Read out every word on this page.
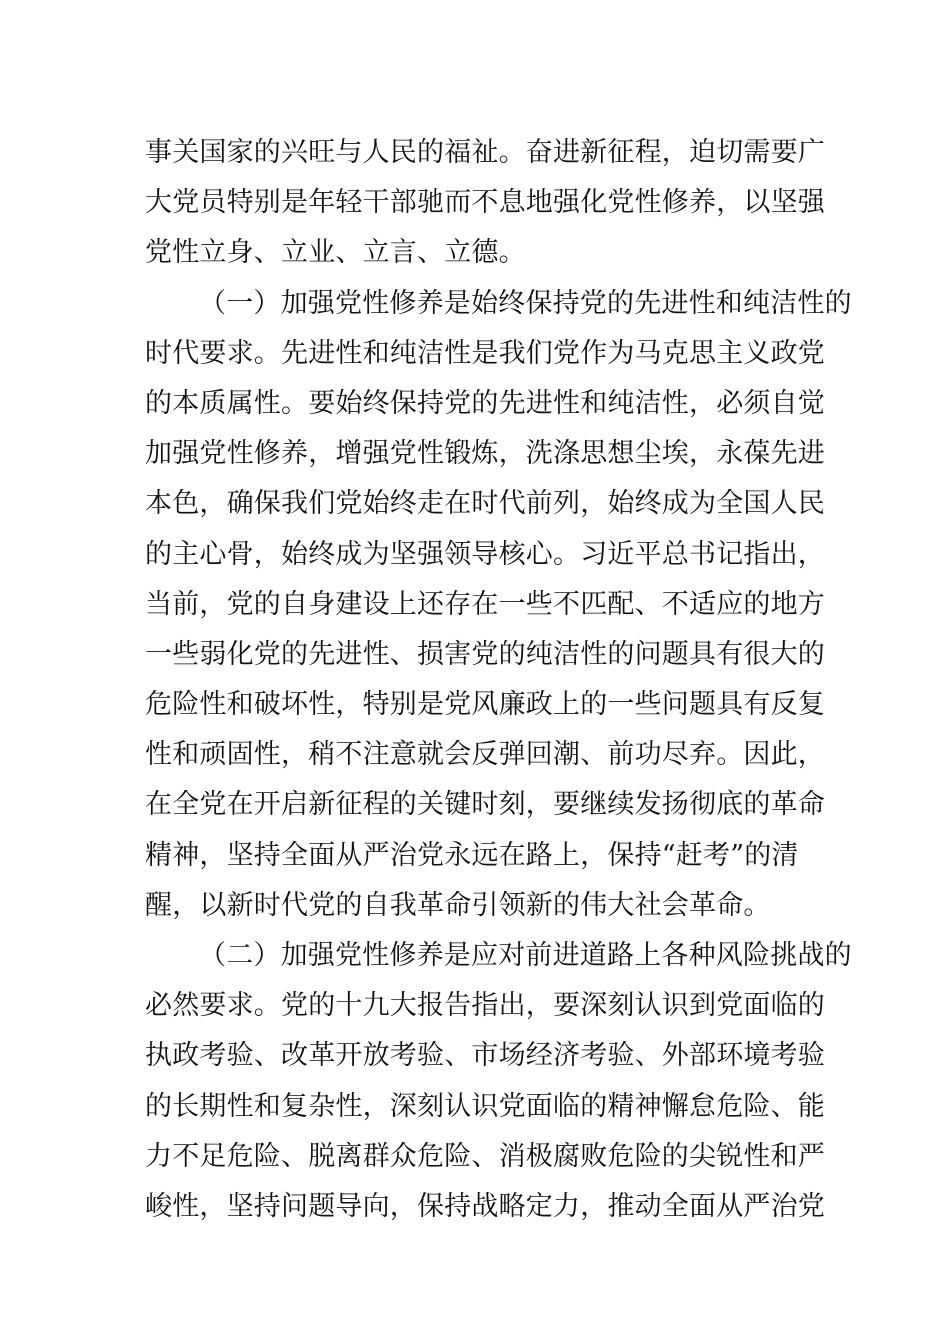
事关国家的兴旺与人民的福祉。奋进新征程，迫切需要广
大党员特别是年轻干部驰而不息地强化党性修养，以坚强
党性立身、立业、立言、立德。
（一）加强党性修养是始终保持党的先进性和纯洁性的
时代要求。先进性和纯洁性是我们党作为马克思主义政党
的本质属性。要始终保持党的先进性和纯洁性，必须自觉
加强党性修养，增强党性锻炼，洗涤思想尘埃，永葆先进
本色，确保我们党始终走在时代前列，始终成为全国人民
的主心骨，始终成为坚强领导核心。习近平总书记指出，
当前，党的自身建设上还存在一些不匹配、不适应的地方
一些弱化党的先进性、损害党的纯洁性的问题具有很大的
危险性和破坏性，特别是党风廉政上的一些问题具有反复
性和顽固性，稍不注意就会反弹回潮、前功尽弃。因此，
在全党在开启新征程的关键时刻，要继续发扬彻底的革命
精神，坚持全面从严治党永远在路上，保持“赶考”的清
醒，以新时代党的自我革命引领新的伟大社会革命。
（二）加强党性修养是应对前进道路上各种风险挑战的
必然要求。党的十九大报告指出，要深刻认识到党面临的
执政考验、改革开放考验、市场经济考验、外部环境考验
的长期性和复杂性，深刻认识党面临的精神懈怠危险、能
力不足危险、脱离群众危险、消极腐败危险的尖锐性和严
峻性，坚持问题导向，保持战略定力，推动全面从严治党
